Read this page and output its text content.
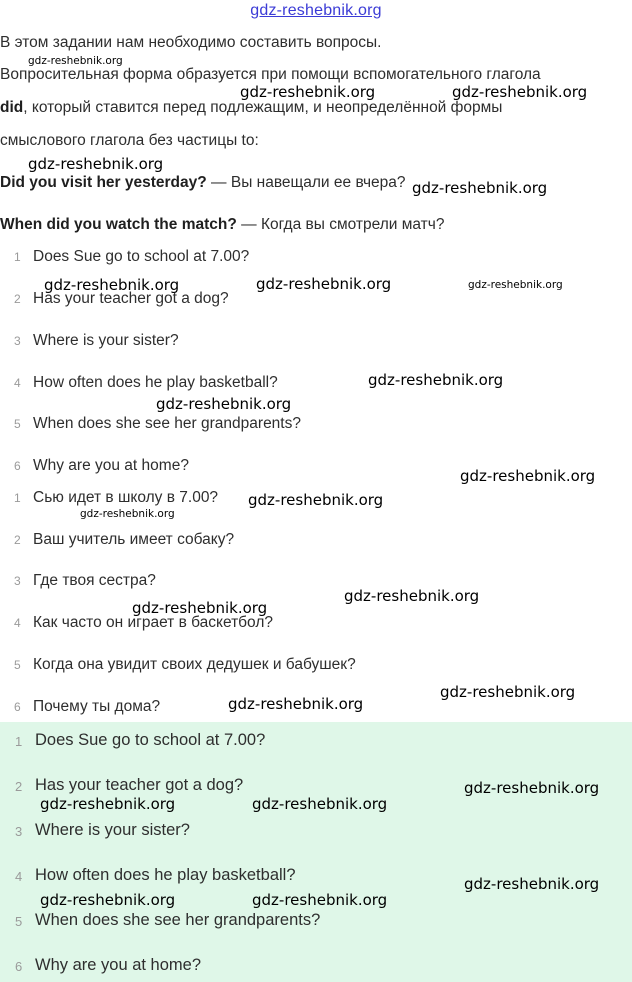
gdz-reshebnik.org
В этом задании нам необходимо составить вопросы.
Вопросительная форма образуется при помощи вспомогательного глагола
did, который ставится перед подлежащим, и неопределённой формы
смыслового глагола без частицы to:
Did you visit her yesterday? — Вы навещали ее вчера?
When did you watch the match? — Когда вы смотрели матч?
1 Does Sue go to school at 7.00?
2 Has your teacher got a dog?
3 Where is your sister?
4 How often does he play basketball?
5 When does she see her grandparents?
6 Why are you at home?
1 Сью идет в школу в 7.00?
2 Ваш учитель имеет собаку?
3 Где твоя сестра?
4 Как часто он играет в баскетбол?
5 Когда она увидит своих дедушек и бабушек?
6 Почему ты дома?
1 Does Sue go to school at 7.00?
2 Has your teacher got a dog?
3 Where is your sister?
4 How often does he play basketball?
5 When does she see her grandparents?
6 Why are you at home?
gdz-reshebnik.org
gdz-reshebnik.org	gdz-reshebnik.org
gdz-reshebnik.org
gdz-reshebnik.org
gdz-reshebnik.org	gdz-reshebnik.org	gdz-reshebnik.org
gdz-reshebnik.org
gdz-reshebnik.org
gdz-reshebnik.org
gdz-reshebnik.org
gdz-reshebnik.org
gdz-reshebnik.org
gdz-reshebnik.org
gdz-reshebnik.org
gdz-reshebnik.org
gdz-reshebnik.org
gdz-reshebnik.org	gdz-reshebnik.org
gdz-reshebnik.org
gdz-reshebnik.org	gdz-reshebnik.org
